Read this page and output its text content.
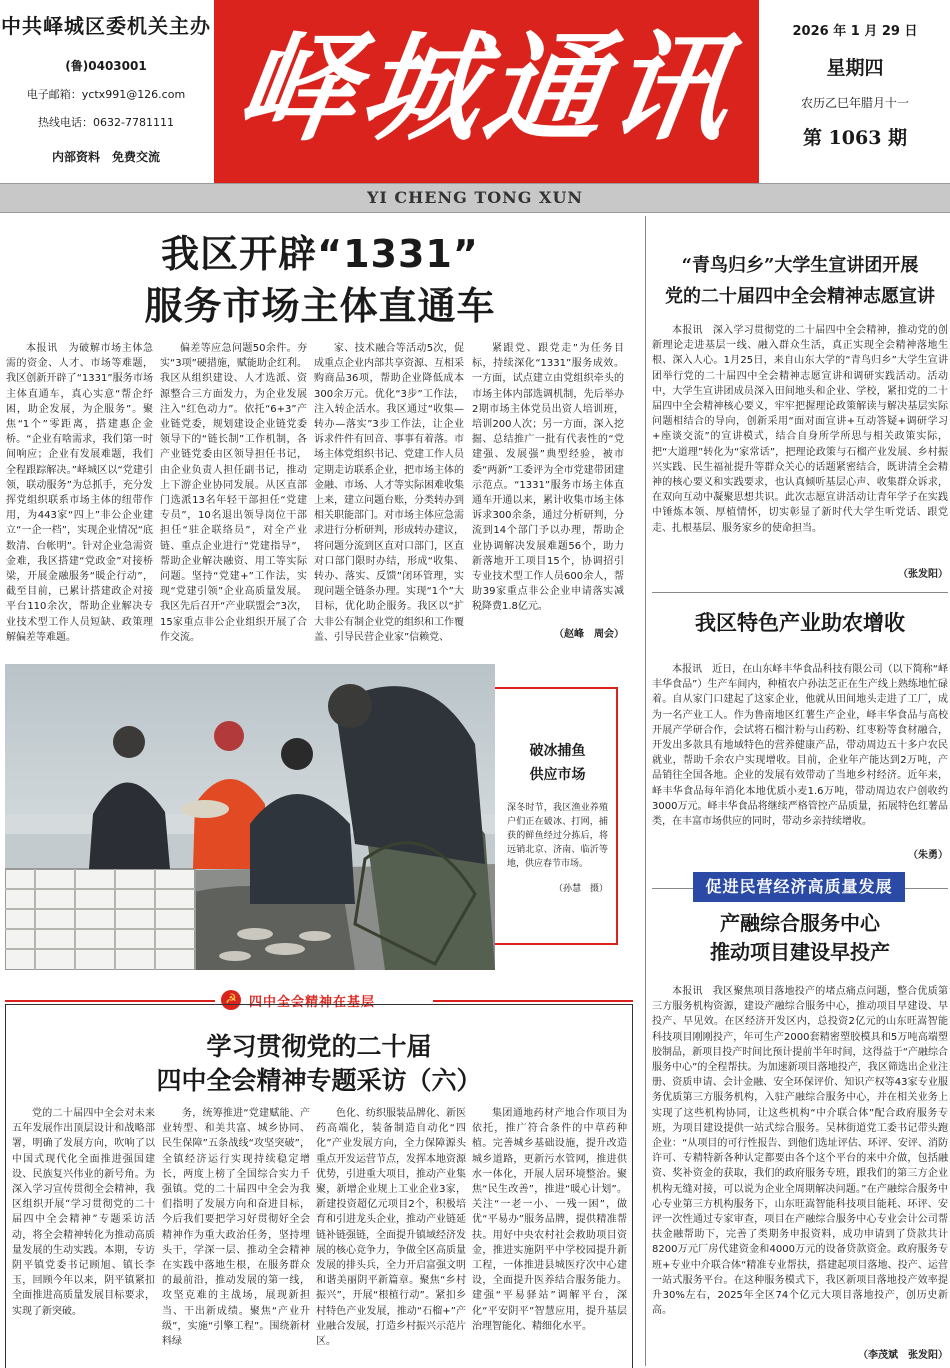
中共峄城区委机关主办
(鲁)0403001
电子邮箱：yctx991@126.com
热线电话：0632-7781111
内部资料　免费交流 峄城通讯	2026 年 1 月 29 日
星期四
农历乙巳年腊月十一
第 1063 期
YI CHENG TONG XUN
我区开辟“1331”
服务市场主体直通车

本报讯　为破解市场主体急需的资金、人才、市场等难题，我区创新开辟了“1331”服务市场主体直通车，真心实意“帮企纾困，助企发展，为企服务”。聚焦“1个”零距离，搭建惠企金桥。“企业有啥需求，我们第一时间响应；企业有发展难题，我们全程跟踪解决。”峄城区以“党建引领，联动服务”为总抓手，充分发挥党组织联系市场主体的纽带作用，为443家“四上”非公企业建立“一企一档”，实现企业情况“底数清、台帐明”。针对企业急需资金难，我区搭建“党政金”对接桥梁，开展金融服务“暖企行动”，截至目前，已累计搭建政企对接平台110余次，帮助企业解决专业技术型工作人员短缺、政策理解偏差等难题。

偏差等应急问题50余件。夯实“3项”硬措施，赋能助企红利。我区从组织建设、人才选派、资源整合三方面发力，为企业发展注入“红色动力”。依托“6+3”产业链党委，规划建设企业链党委领导下的“链长制”工作机制，各产业链党委由区领导担任书记，由企业负责人担任副书记，推动上下游企业协同发展。从区直部门选派13名年轻干部担任“党建专员”，10名退出领导岗位干部担任“驻企联络员”，对全产业链、重点企业进行“党建指导”，帮助企业解决融资、用工等实际问题。坚持“党建+”工作法，实现“党建引领”企业高质量发展。我区先后召开“产业联盟会”3次，15家重点非公企业组织开展了合作交流。

家、技术融合等活动5次，促成重点企业内部共享资源、互相采购商品36项，帮助企业降低成本300余万元。优化“3步”工作法，注入转企活水。我区通过“收集—转办—落实”3步工作法，让企业诉求件件有回音、事事有着落。市场主体党组织书记、党建工作人员定期走访联系企业，把市场主体的金融、市场、人才等实际困难收集上来，建立问题台账，分类转办到相关职能部门。对市场主体应急需求进行分析研判，形成转办建议，将问题分流到区直对口部门，区直对口部门限时办结，形成“收集、转办、落实、反馈”闭环管理，实现问题全链条办理。实现“1个”大目标，优化助企服务。我区以“扩大非公有制企业党的组织和工作覆盖、引导民营企业家”信赖党、

紧跟党、跟党走”为任务目标，持续深化“1331”服务成效。一方面，试点建立由党组织牵头的市场主体内部选调机制，先后举办2期市场主体党员出资人培训班，培训200人次；另一方面，深入挖掘、总结推广一批有代表性的“党建强、发展强”典型经验，被市委“两新”工委评为全市党建带团建示范点。“1331”服务市场主体直通车开通以来，累计收集市场主体诉求300余条，通过分析研判，分流到14个部门予以办理，帮助企业协调解决发展难题56个，助力新落地开工项目15个，协调招引专业技术型工作人员600余人，帮助39家重点非公企业申请落实减税降费1.8亿元。

（赵峰　周会）
“青鸟归乡”大学生宣讲团开展
党的二十届四中全会精神志愿宣讲

本报讯　深入学习贯彻党的二十届四中全会精神，推动党的创新理论走进基层一线、融入群众生活，真正实现全会精神落地生根、深入人心。1月25日，来自山东大学的“青鸟归乡”大学生宣讲团举行党的二十届四中全会精神志愿宣讲和调研实践活动。活动中，大学生宣讲团成员深入田间地头和企业、学校，紧扣党的二十届四中全会精神核心要义，牢牢把握理论政策解读与解决基层实际问题相结合的导向，创新采用“面对面宣讲+互动答疑+调研学习+座谈交流”的宣讲模式，结合自身所学所思与相关政策实际，把“大道理”转化为“家常话”，把理论政策与石榴产业发展、乡村振兴实践、民生福祉提升等群众关心的话题紧密结合，既讲清全会精神的核心要义和实践要求，也认真倾听基层心声、收集群众诉求，在双向互动中凝聚思想共识。此次志愿宣讲活动让青年学子在实践中锤炼本领、厚植情怀，切实彰显了新时代大学生听党话、跟党走、扎根基层、服务家乡的使命担当。

（张发阳）
我区特色产业助农增收

本报讯　近日，在山东峄丰华食品科技有限公司（以下简称“峄丰华食品”）生产车间内，种植农户孙法芝正在生产线上熟练地忙碌着。自从家门口建起了这家企业，他就从田间地头走进了工厂，成为一名产业工人。作为鲁南地区红薯生产企业，峄丰华食品与高校开展产学研合作，会试将石榴汁粉与山药粉、红枣粉等食材融合，开发出多款具有地域特色的营养健康产品，带动周边五十多户农民就业，帮助千余农户实现增收。目前，企业年产能达到2万吨，产品销往全国各地。企业的发展有效带动了当地乡村经济。近年来，峄丰华食品每年消化本地优质小麦1.6万吨，带动周边农户创收约3000万元。峄丰华食品将继续严格管控产品质量，拓展特色红薯品类，在丰富市场供应的同时，带动乡亲持续增收。

（朱勇）
促进民营经济高质量发展
产融综合服务中心
推动项目建设早投产

本报讯　我区聚焦项目落地投产的堵点痛点问题，整合优质第三方服务机构资源，建设产融综合服务中心，推动项目早建设、早投产、早见效。在区经济开发区内，总投资2亿元的山东旺嵩智能科技项目刚刚投产，年可生产2000套精密塑胶模具和5万吨高端塑胶制品，新项目投产时间比预计提前半年时间，这得益于“产融综合服务中心”的全程帮扶。为加速新项目落地投产，我区筛选出企业注册、资质申请、会计金融、安全环保评价、知识产权等43家专业服务优质第三方服务机构，入驻产融综合服务中心，并在相关业务上实现了这些机构协同，让这些机构“中介联合体”配合政府服务专班，为项目建设提供一站式综合服务。吴林街道党工委书记带头跑企业：“从项目的可行性报告、到他们选址评估、环评、安评、消防许可、专精特新各种认定都要由各个这个平台的来中介做，包括融资、奖补资金的获取，我们的政府服务专班，跟我们的第三方企业机构无缝对接，可以说为企业全周期解决问题。”在产融综合服务中心专业第三方机构服务下，山东旺嵩智能科技项目能耗、环评、安评一次性通过专家审查，项目在产融综合服务中心专业会计公司帮扶金融帮助下，完善了类期务申报资料，成功申请到了贷款共计8200万元厂房代建资金和4000万元的设备贷款资金。政府服务专班+专业中介联合体“精准专业帮扶，搭建起项目落地、投产、运营一站式服务平台。在这种服务模式下，我区新项目落地投产效率提升30%左右，2025年全区74个亿元大项目落地投产，创历史新高。

（李茂斌　张发阳）
破冰捕鱼
供应市场
深冬时节，我区渔业养殖户们正在破冰、打网，捕获的鲜鱼经过分拣后，将远销北京、济南、临沂等地，供应春节市场。
（孙慧　摄）
☭ 四中全会精神在基层
学习贯彻党的二十届
四中全会精神专题采访（六）

党的二十届四中全会对未来五年发展作出顶层设计和战略部署，明确了发展方向，吹响了以中国式现代化全面推进强国建设、民族复兴伟业的新号角。为深入学习宣传贯彻全会精神，我区组织开展“学习贯彻党的二十届四中全会精神”专题采访活动，将全会精神转化为推动高质量发展的生动实践。本期，专访阴平镇党委书记顾旭、镇长李玉，回顾今年以来，阴平镇紧扣全面推进高质量发展目标要求，实现了新突破。

务，统筹推进“党建赋能、产业转型、和美共富、城乡协同、民生保障”五条战线“攻坚突破”，全镇经济运行实现持续稳定增长，两度上榜了全国综合实力千强镇。党的二十届四中全会为我们指明了发展方向和奋进目标，今后我们要把学习好贯彻好全会精神作为重大政治任务，坚持埋头干，学深一层、推动全会精神在实践中落地生根，在服务群众的最前沿，推动发展的第一线，攻坚克难的主战场，展现新担当、干出新成绩。聚焦“产业升级”，实施“引擎工程”。围绕新材料绿

色化、纺织服装品牌化、新医药高端化，装备制造自动化“四化”产业发展方向，全力保障源头重点开发运营节点，发挥本地资源优势，引进重大项目，推动产业集聚，新增企业规上工业企业3家，新建投资超亿元项目2个，积极培育和引进龙头企业，推动产业链延链补链强链，全面提升镇域经济发展的核心竞争力，争做全区高质量发展的排头兵，全力开启富强文明和谐美丽阴平新篇章。聚焦“乡村振兴”，开展“根植行动”。紧扣乡村特色产业发展，推动“石榴+”产业融合发展，打造乡村振兴示范片区。

集团通地药材产地合作项目为依托，推广符合条件的中草药种植。完善城乡基础设施，提升改造城乡道路，更新污水管网，推进供水一体化，开展人居环境整治。聚焦“民生改善”，推进“暖心计划”。关注“一老一小、一残一困”，做优“平易办”服务品牌，提供精准帮扶。用好中央农村社会救助项目资金，推进实施阴平中学校园提升新工程，一体推进县城医疗次中心建设，全面提升医养结合服务能力。建强“平易驿站”调解平台，深化“平安阴平”智慧应用，提升基层治理智能化、精细化水平。
